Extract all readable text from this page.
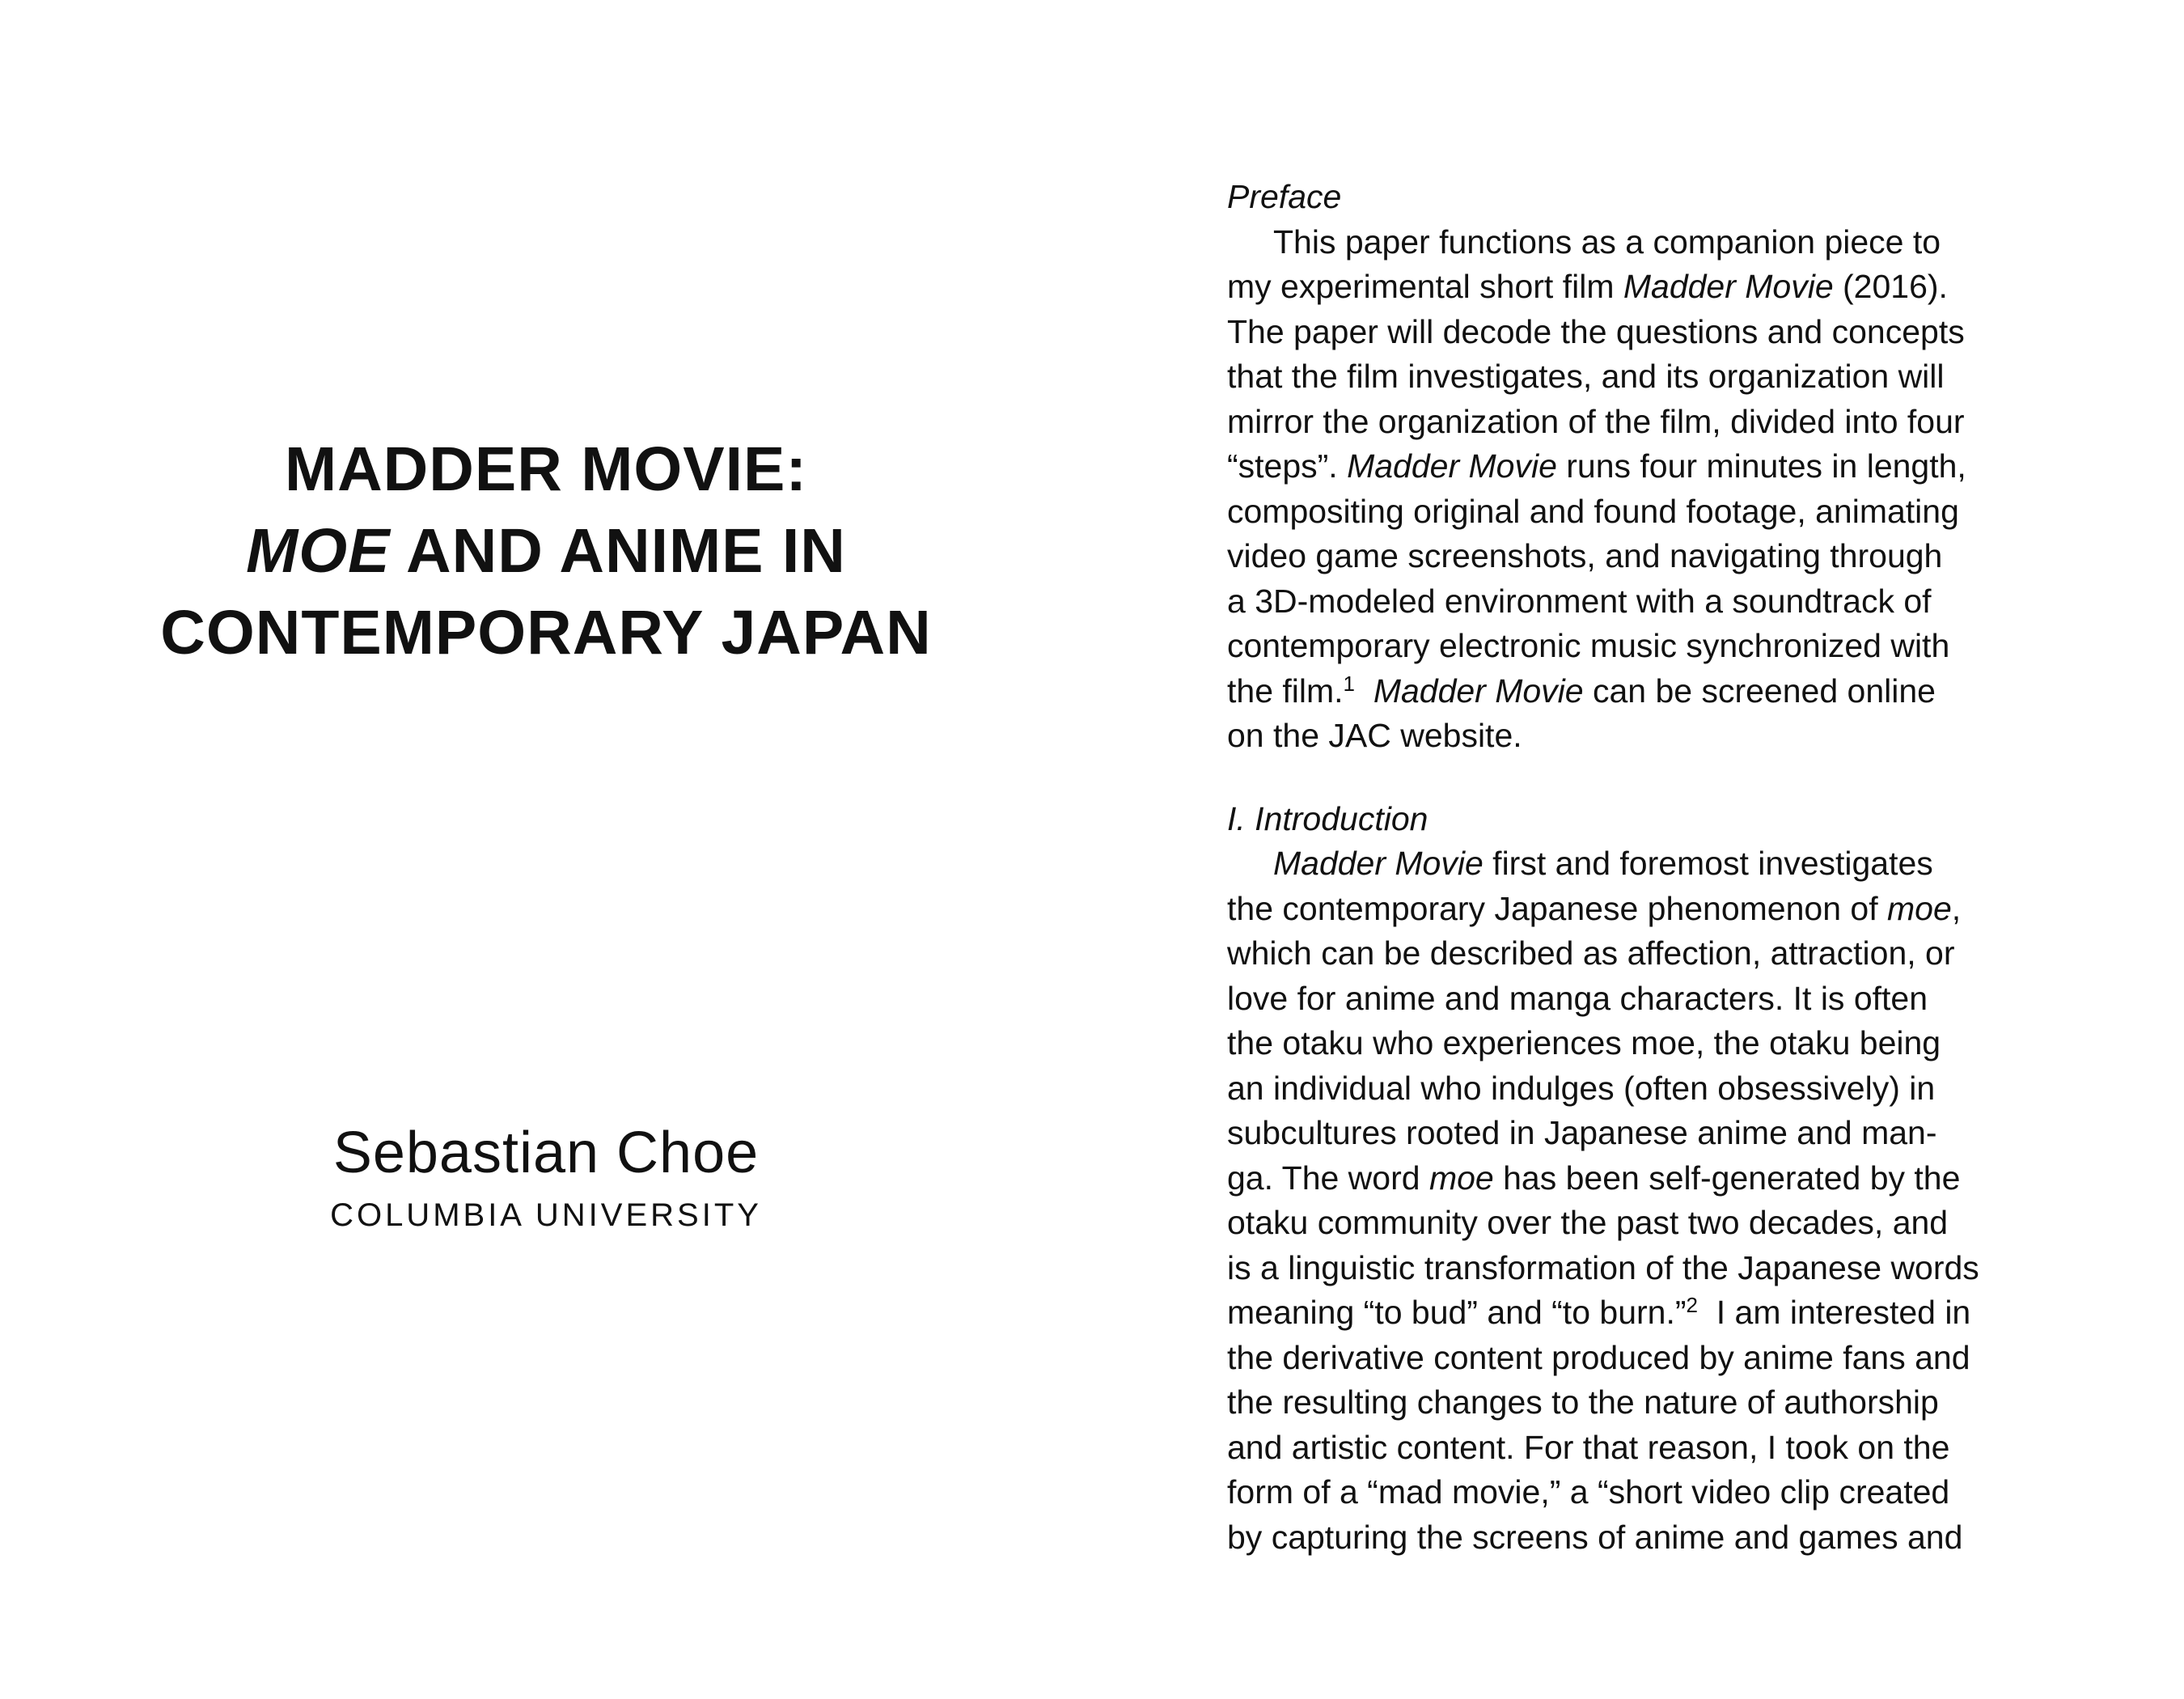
MADDER MOVIE:
MOE AND ANIME IN
CONTEMPORARY JAPAN
Sebastian Choe
COLUMBIA UNIVERSITY
Preface
This paper functions as a companion piece to
my experimental short film Madder Movie (2016).
The paper will decode the questions and concepts
that the film investigates, and its organization will
mirror the organization of the film, divided into four
“steps”. Madder Movie runs four minutes in length,
compositing original and found footage, animating
video game screenshots, and navigating through
a 3D-modeled environment with a soundtrack of
contemporary electronic music synchronized with
the film.$^1$ Madder Movie can be screened online
on the JAC website.
I. Introduction
Madder Movie first and foremost investigates
the contemporary Japanese phenomenon of moe,
which can be described as affection, attraction, or
love for anime and manga characters. It is often
the otaku who experiences moe, the otaku being
an individual who indulges (often obsessively) in
subcultures rooted in Japanese anime and man-
ga. The word moe has been self-generated by the
otaku community over the past two decades, and
is a linguistic transformation of the Japanese words
meaning “to bud” and “to burn.”$^2$  I am interested in
the derivative content produced by anime fans and
the resulting changes to the nature of authorship
and artistic content. For that reason, I took on the
form of a “mad movie,” a “short video clip created
by capturing the screens of anime and games and
